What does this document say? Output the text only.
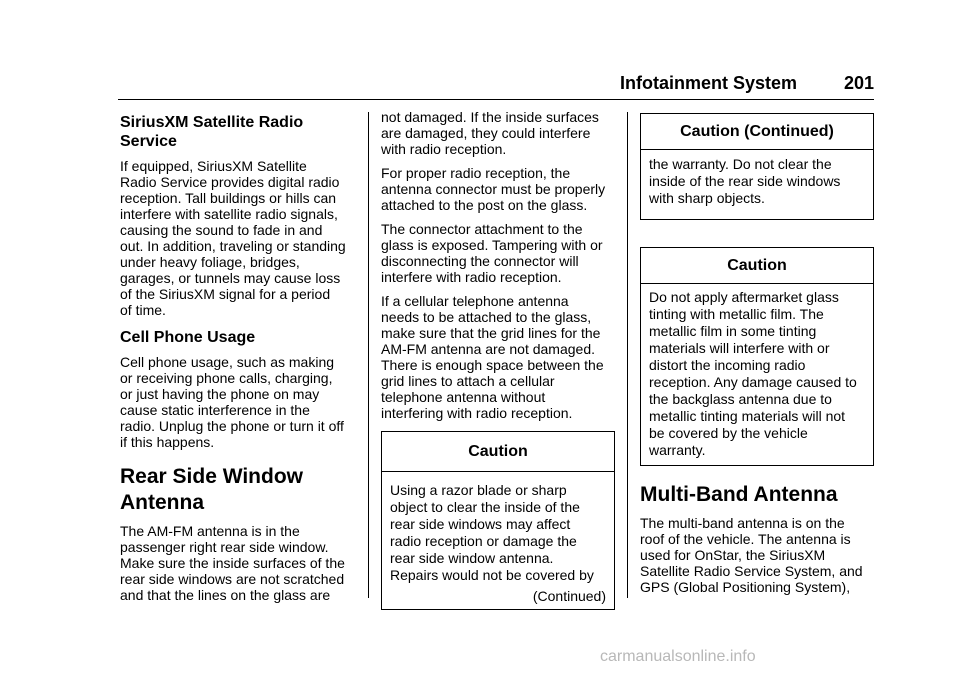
Infotainment System	201
SiriusXM Satellite Radio
Service

If equipped, SiriusXM Satellite
Radio Service provides digital radio
reception. Tall buildings or hills can
interfere with satellite radio signals,
causing the sound to fade in and
out. In addition, traveling or standing
under heavy foliage, bridges,
garages, or tunnels may cause loss
of the SiriusXM signal for a period
of time.

Cell Phone Usage

Cell phone usage, such as making
or receiving phone calls, charging,
or just having the phone on may
cause static interference in the
radio. Unplug the phone or turn it off
if this happens.

Rear Side Window
Antenna

The AM-FM antenna is in the
passenger right rear side window.
Make sure the inside surfaces of the
rear side windows are not scratched
and that the lines on the glass are

not damaged. If the inside surfaces
are damaged, they could interfere
with radio reception.

For proper radio reception, the
antenna connector must be properly
attached to the post on the glass.

The connector attachment to the
glass is exposed. Tampering with or
disconnecting the connector will
interfere with radio reception.

If a cellular telephone antenna
needs to be attached to the glass,
make sure that the grid lines for the
AM-FM antenna are not damaged.
There is enough space between the
grid lines to attach a cellular
telephone antenna without
interfering with radio reception.

Caution
Using a razor blade or sharp
object to clear the inside of the
rear side windows may affect
radio reception or damage the
rear side window antenna.
Repairs would not be covered by
(Continued)
Caution (Continued)
the warranty. Do not clear the
inside of the rear side windows
with sharp objects.
Caution
Do not apply aftermarket glass
tinting with metallic film. The
metallic film in some tinting
materials will interfere with or
distort the incoming radio
reception. Any damage caused to
the backglass antenna due to
metallic tinting materials will not
be covered by the vehicle
warranty.
Multi-Band Antenna

The multi-band antenna is on the
roof of the vehicle. The antenna is
used for OnStar, the SiriusXM
Satellite Radio Service System, and
GPS (Global Positioning System),

carmanualsonline.info
